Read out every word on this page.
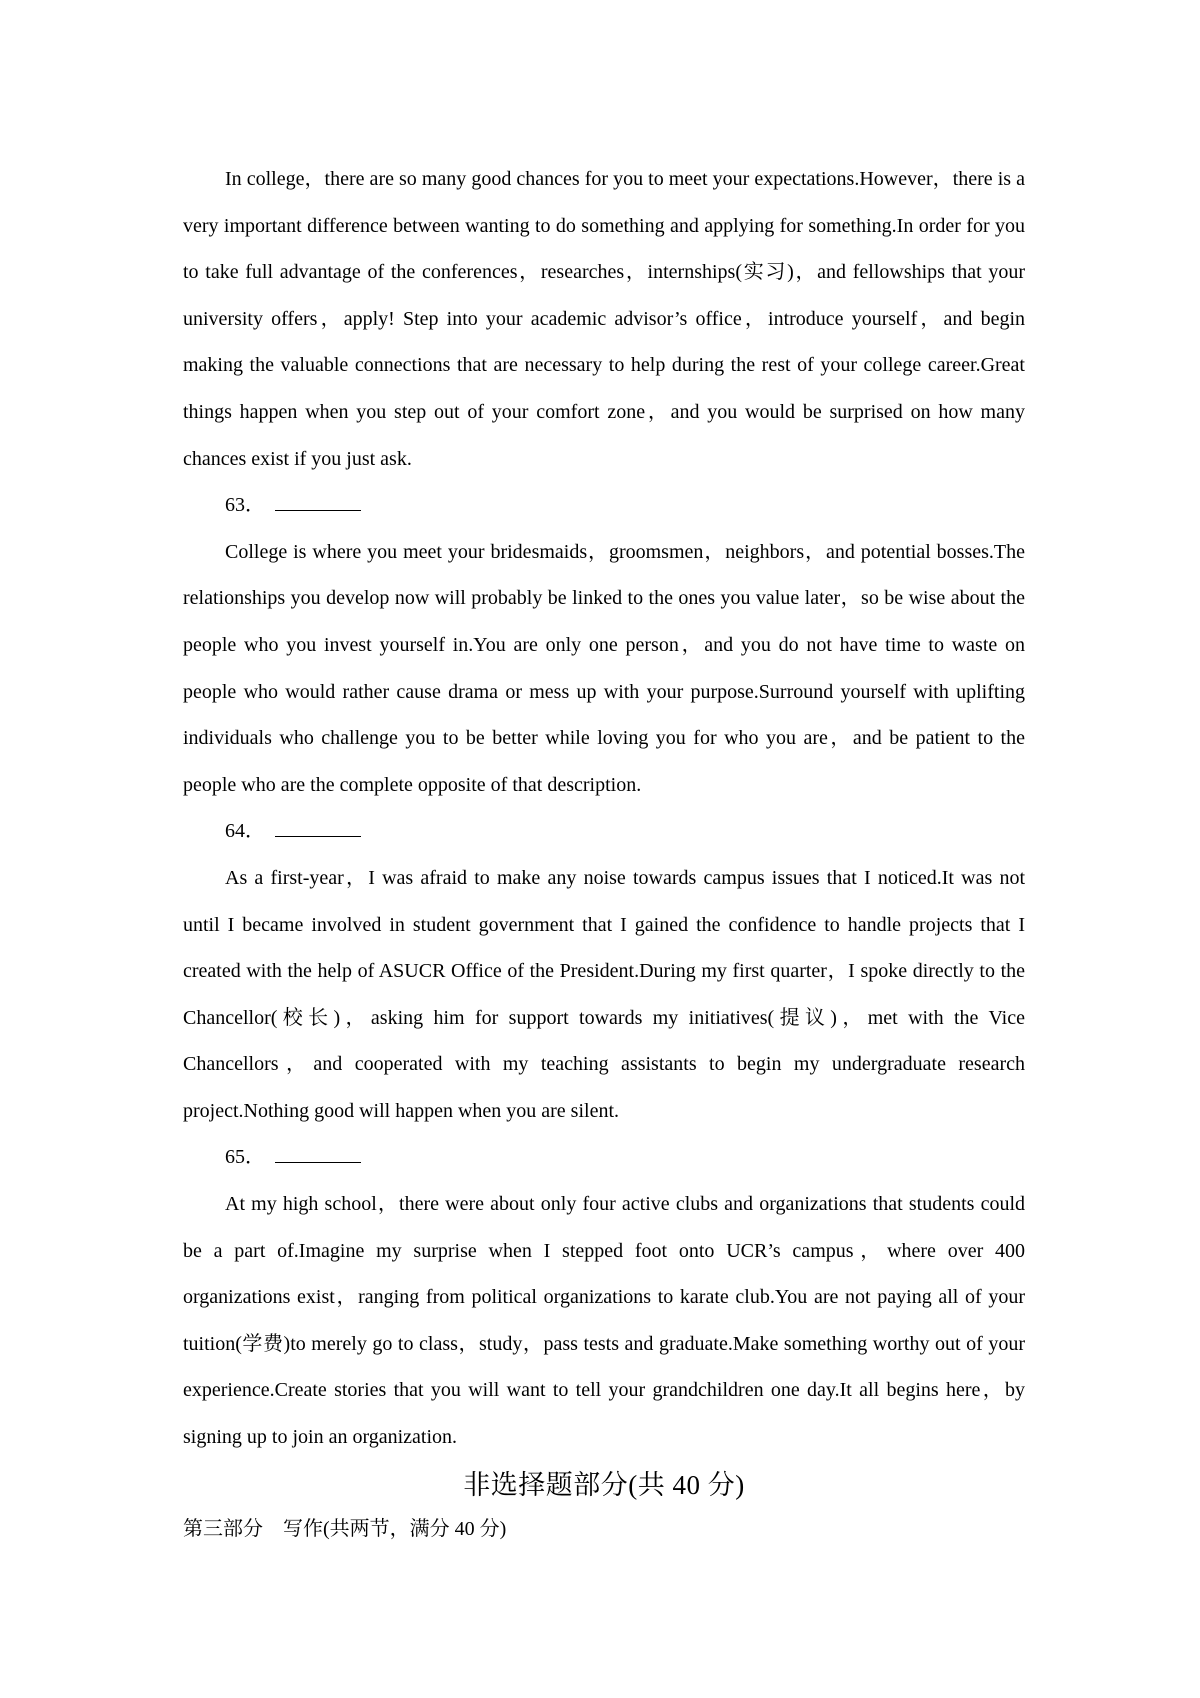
In college，there are so many good chances for you to meet your expectations.However，there is a very important difference between wanting to do something and applying for something.In order for you to take full advantage of the conferences，researches，internships(实习)，and fellowships that your university offers，apply! Step into your academic advisor’s office，introduce yourself，and begin making the valuable connections that are necessary to help during the rest of your college career.Great things happen when you step out of your comfort zone，and you would be surprised on how many chances exist if you just ask.

63．

College is where you meet your bridesmaids，groomsmen，neighbors，and potential bosses.The relationships you develop now will probably be linked to the ones you value later，so be wise about the people who you invest yourself in.You are only one person，and you do not have time to waste on people who would rather cause drama or mess up with your purpose.Surround yourself with uplifting individuals who challenge you to be better while loving you for who you are，and be patient to the people who are the complete opposite of that description.

64．

As a first-year，I was afraid to make any noise towards campus issues that I noticed.It was not until I became involved in student government that I gained the confidence to handle projects that I created with the help of ASUCR Office of the President.During my first quarter，I spoke directly to the Chancellor(校长)，asking him for support towards my initiatives(提议)，met with the Vice Chancellors，and cooperated with my teaching assistants to begin my undergraduate research project.Nothing good will happen when you are silent.

65．

At my high school，there were about only four active clubs and organizations that students could be a part of.Imagine my surprise when I stepped foot onto UCR’s campus，where over 400 organizations exist，ranging from political organizations to karate club.You are not paying all of your tuition(学费)to merely go to class，study，pass tests and graduate.Make something worthy out of your experience.Create stories that you will want to tell your grandchildren one day.It all begins here，by signing up to join an organization.

非选择题部分(共 40 分)

第三部分　写作(共两节，满分 40 分)
